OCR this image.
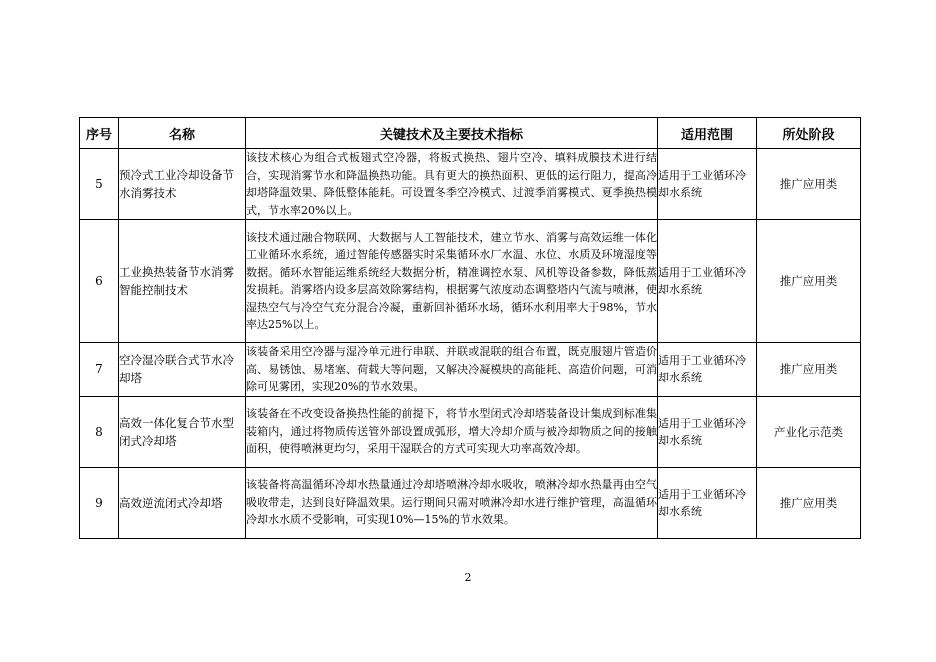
序号	名称	关键技术及主要技术指标	适用范围	所处阶段
5	预冷式工业冷却设备节水消雾技术	该技术核心为组合式板翅式空冷器，将板式换热、翅片空冷、填料成膜技术进行结合，实现消雾节水和降温换热功能。具有更大的换热面积、更低的运行阻力，提高冷却塔降温效果、降低整体能耗。可设置冬季空冷模式、过渡季消雾模式、夏季换热模式，节水率20%以上。	适用于工业循环冷却水系统	推广应用类
6	工业换热装备节水消雾智能控制技术	该技术通过融合物联网、大数据与人工智能技术，建立节水、消雾与高效运维一体化工业循环水系统，通过智能传感器实时采集循环水厂水温、水位、水质及环境湿度等数据。循环水智能运维系统经大数据分析，精准调控水泵、风机等设备参数，降低蒸发损耗。消雾塔内设多层高效除雾结构，根据雾气浓度动态调整塔内气流与喷淋，使湿热空气与冷空气充分混合冷凝，重新回补循环水场，循环水利用率大于98%，节水率达25%以上。	适用于工业循环冷却水系统	推广应用类
7	空冷湿冷联合式节水冷却塔	该装备采用空冷器与湿冷单元进行串联、并联或混联的组合布置，既克服翅片管造价高、易锈蚀、易堵塞、荷载大等问题，又解决冷凝模块的高能耗、高造价问题，可消除可见雾团，实现20%的节水效果。	适用于工业循环冷却水系统	推广应用类
8	高效一体化复合节水型闭式冷却塔	该装备在不改变设备换热性能的前提下，将节水型闭式冷却塔装备设计集成到标准集装箱内，通过将物质传送管外部设置成弧形，增大冷却介质与被冷却物质之间的接触面积，使得喷淋更均匀，采用干湿联合的方式可实现大功率高效冷却。	适用于工业循环冷却水系统	产业化示范类
9	高效逆流闭式冷却塔	该装备将高温循环冷却水热量通过冷却塔喷淋冷却水吸收，喷淋冷却水热量再由空气吸收带走，达到良好降温效果。运行期间只需对喷淋冷却水进行维护管理，高温循环冷却水水质不受影响，可实现10%—15%的节水效果。	适用于工业循环冷却水系统	推广应用类
2
